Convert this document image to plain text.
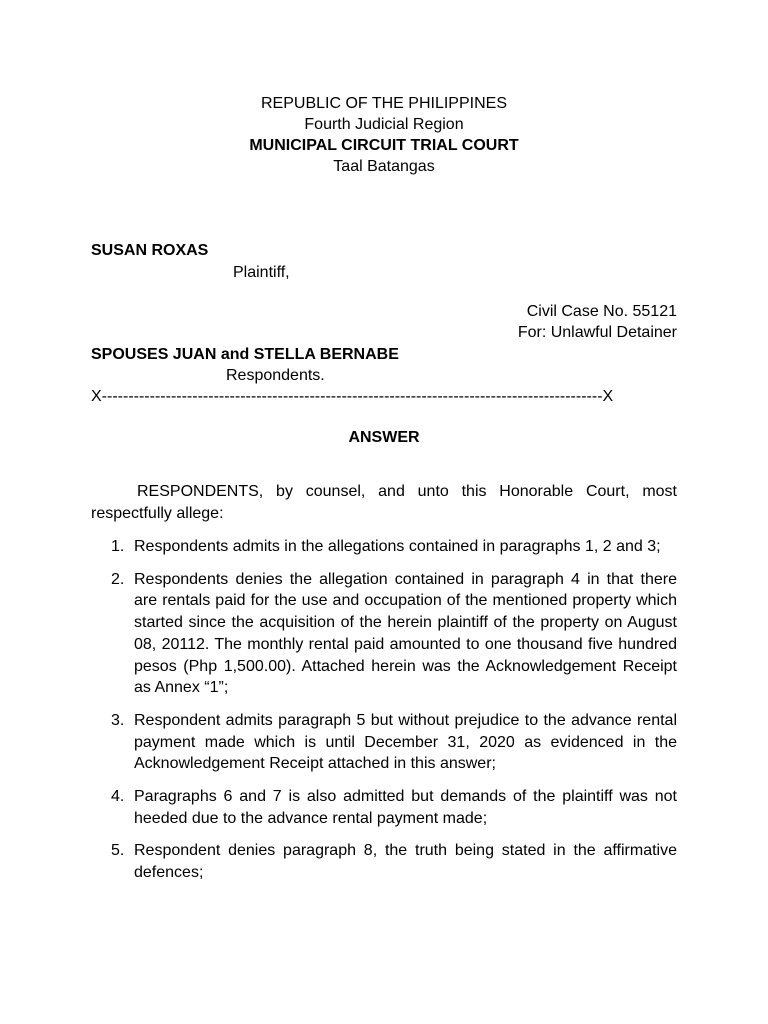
REPUBLIC OF THE PHILIPPINES
Fourth Judicial Region
MUNICIPAL CIRCUIT TRIAL COURT
Taal Batangas
SUSAN ROXAS
Plaintiff,
Civil Case No. 55121
For: Unlawful Detainer
SPOUSES JUAN and STELLA BERNABE
Respondents.
X----------------------------------------------------------------------------------------------X
ANSWER
RESPONDENTS, by counsel, and unto this Honorable Court, most respectfully allege:
1. Respondents admits in the allegations contained in paragraphs 1, 2 and 3;
2. Respondents denies the allegation contained in paragraph 4 in that there are rentals paid for the use and occupation of the mentioned property which started since the acquisition of the herein plaintiff of the property on August 08, 20112. The monthly rental paid amounted to one thousand five hundred pesos (Php 1,500.00). Attached herein was the Acknowledgement Receipt as Annex “1”;
3. Respondent admits paragraph 5 but without prejudice to the advance rental payment made which is until December 31, 2020 as evidenced in the Acknowledgement Receipt attached in this answer;
4. Paragraphs 6 and 7 is also admitted but demands of the plaintiff was not heeded due to the advance rental payment made;
5. Respondent denies paragraph 8, the truth being stated in the affirmative defences;
